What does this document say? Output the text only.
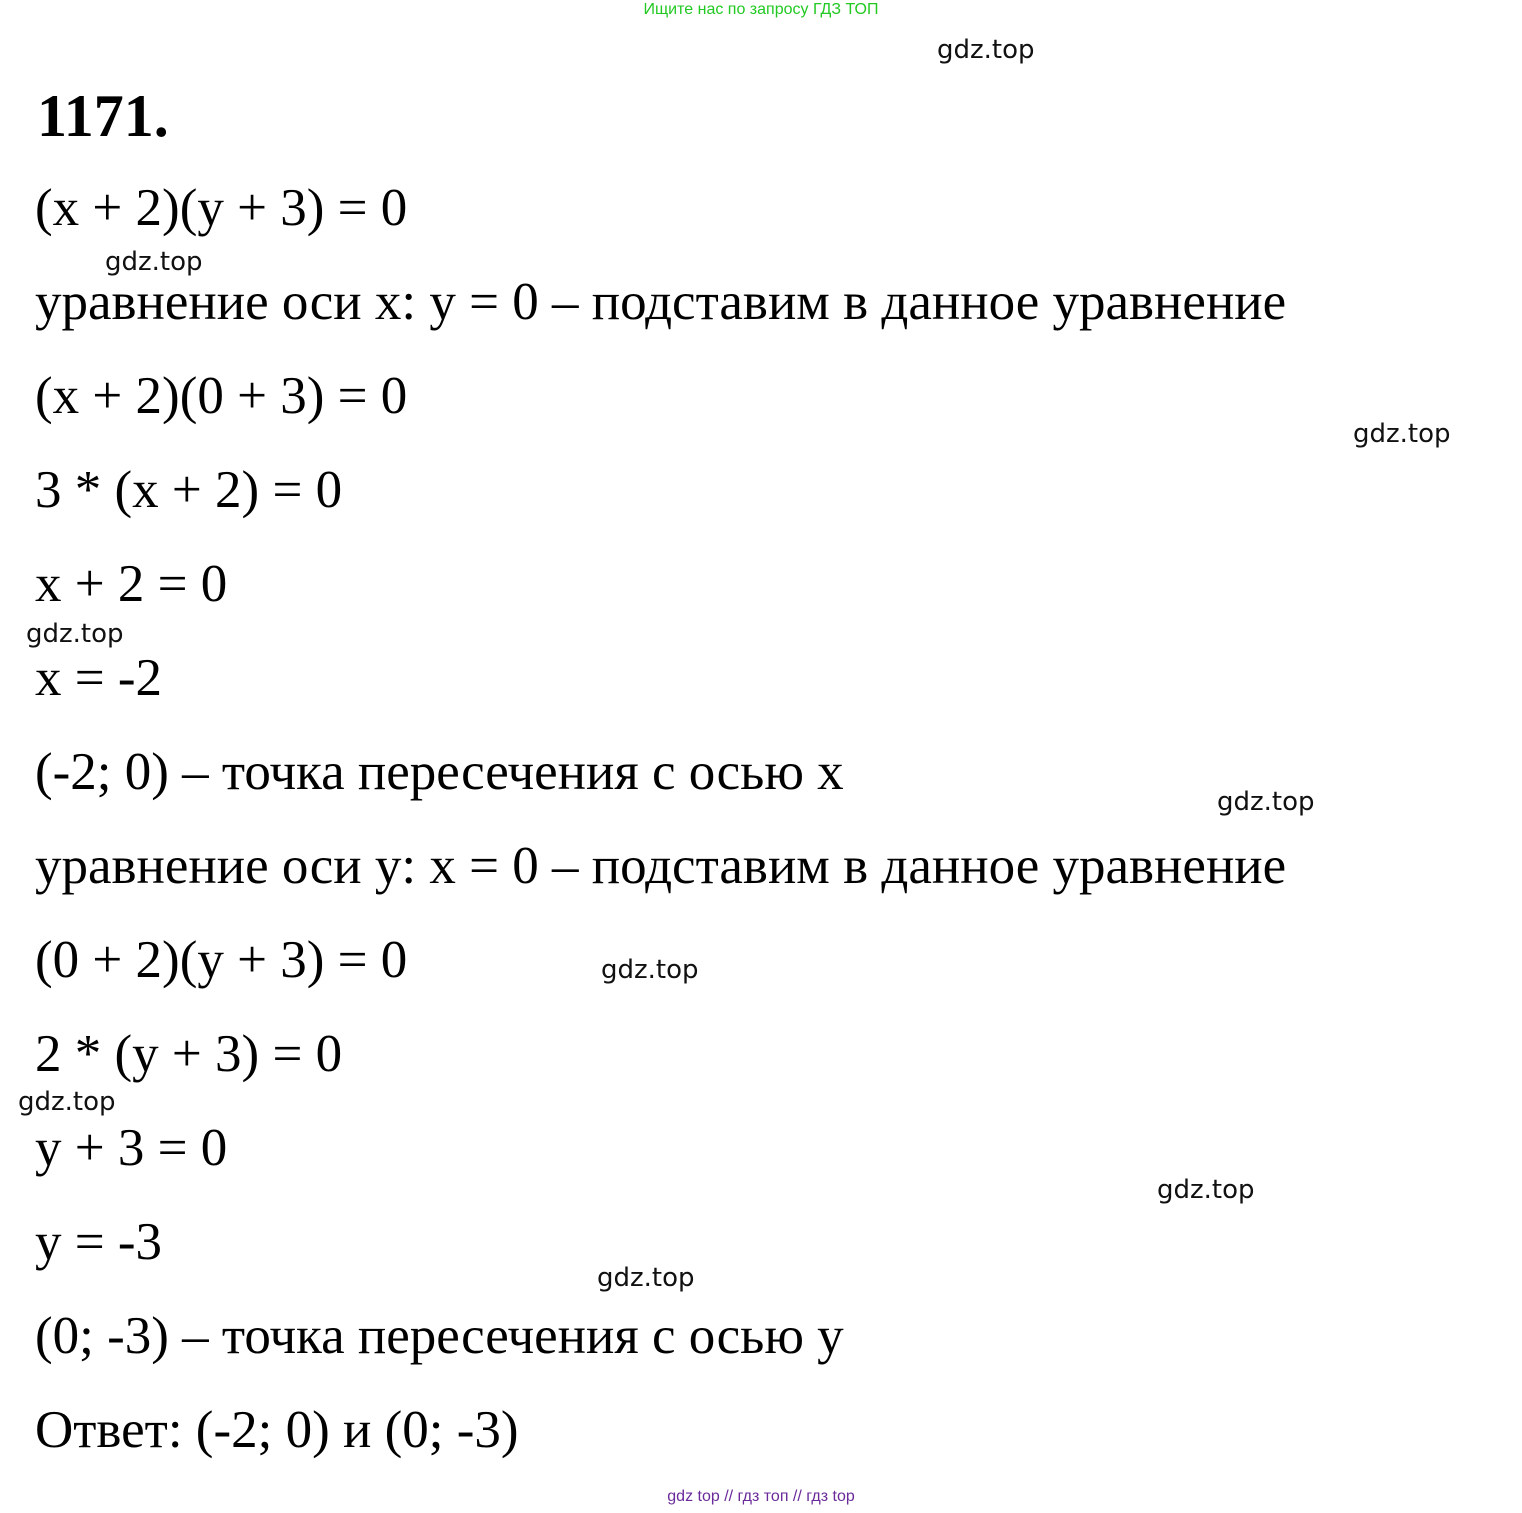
Ищите нас по запросу ГДЗ ТОП
gdz.top
1171.
(x + 2)(y + 3) = 0
gdz.top
уравнение оси x: y = 0 – подставим в данное уравнение
(x + 2)(0 + 3) = 0
gdz.top
3 * (x + 2) = 0
x + 2 = 0
gdz.top
x = -2
(-2; 0) – точка пересечения с осью x
gdz.top
уравнение оси y: x = 0 – подставим в данное уравнение
(0 + 2)(y + 3) = 0	gdz.top
2 * (y + 3) = 0
gdz.top
y + 3 = 0
gdz.top
y = -3
gdz.top
(0; -3) – точка пересечения с осью y
Ответ: (-2; 0) и (0; -3)
gdz top // гдз топ // гдз top
